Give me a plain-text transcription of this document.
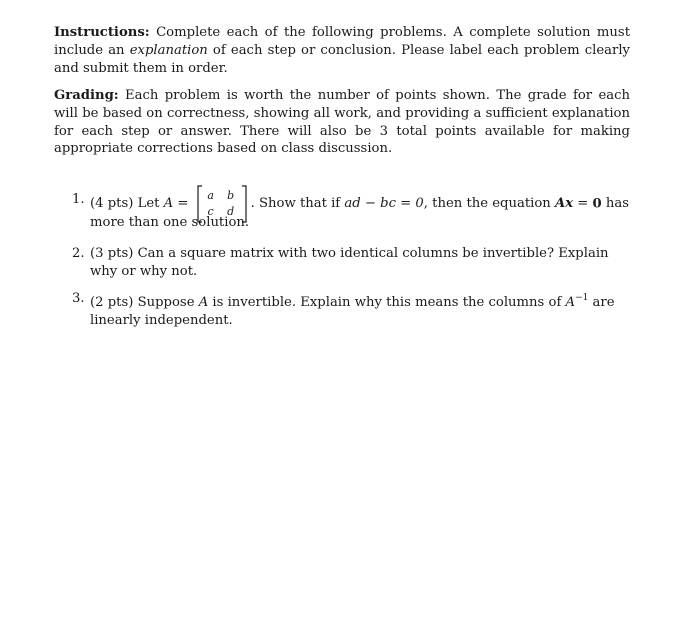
Instructions: Complete each of the following problems. A complete solution must include an explanation of each step or conclusion. Please label each problem clearly and submit them in order.
Grading: Each problem is worth the number of points shown. The grade for each will be based on correctness, showing all work, and providing a sufficient explanation for each step or answer. There will also be 3 total points available for making appropriate corrections based on class discussion.
1. (4 pts) Let A =
a b
c d
. Show that if ad − bc = 0, then the equation Ax = 0 has
more than one solution.
2. (3 pts) Can a square matrix with two identical columns be invertible? Explain why or why not.
3. (2 pts) Suppose A is invertible. Explain why this means the columns of $A^{-1}$ are linearly independent.
